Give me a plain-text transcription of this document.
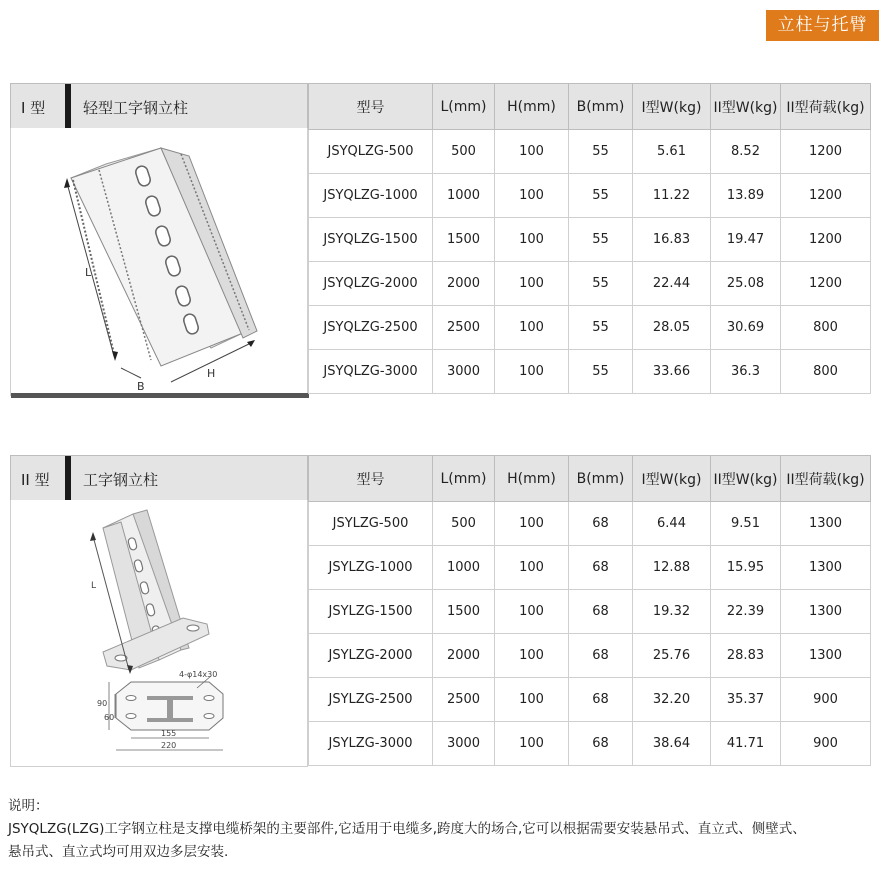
立柱与托臂
I 型	轻型工字钢立柱
L
B
H
型号	L(mm)	H(mm)	B(mm)	I型W(kg)	II型W(kg)	II型荷载(kg)
JSYQLZG-500	500	100	55	5.61	8.52	1200
JSYQLZG-1000	1000	100	55	11.22	13.89	1200
JSYQLZG-1500	1500	100	55	16.83	19.47	1200
JSYQLZG-2000	2000	100	55	22.44	25.08	1200
JSYQLZG-2500	2500	100	55	28.05	30.69	800
JSYQLZG-3000	3000	100	55	33.66	36.3	800
II 型 工字钢立柱
L
4-φ14x30
155
220
90
60
型号	L(mm)	H(mm)	B(mm)	I型W(kg)	II型W(kg)	II型荷载(kg)
JSYLZG-500	500	100	68	6.44	9.51	1300
JSYLZG-1000	1000	100	68	12.88	15.95	1300
JSYLZG-1500	1500	100	68	19.32	22.39	1300
JSYLZG-2000	2000	100	68	25.76	28.83	1300
JSYLZG-2500	2500	100	68	32.20	35.37	900
JSYLZG-3000	3000	100	68	38.64	41.71	900
说明：
JSYQLZG(LZG)工字钢立柱是支撑电缆桥架的主要部件,它适用于电缆多,跨度大的场合,它可以根据需要安装悬吊式、直立式、侧壁式、
悬吊式、直立式均可用双边多层安装.
